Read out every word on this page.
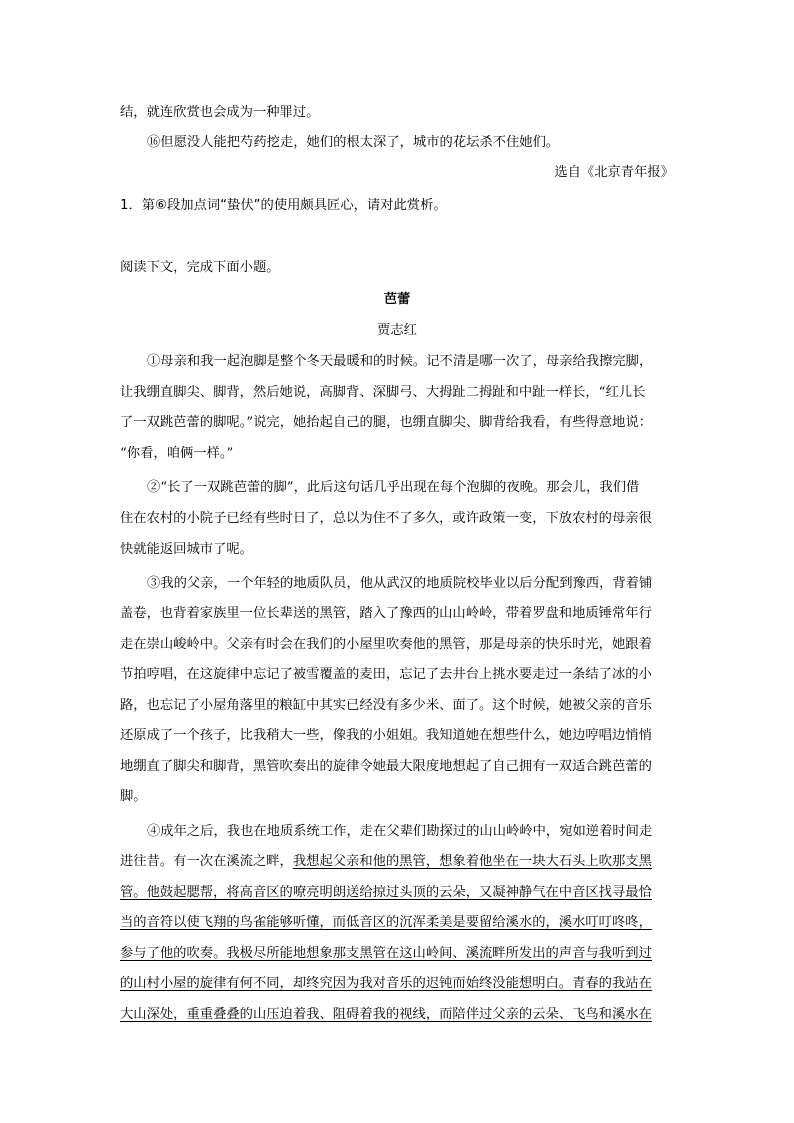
结，就连欣赏也会成为一种罪过。
⑯但愿没人能把芍药挖走，她们的根太深了，城市的花坛杀不住她们。
选自《北京青年报》
1．第⑥段加点词“蛰伏”的使用颇具匠心，请对此赏析。
阅读下文，完成下面小题。
芭蕾
贾志红
①母亲和我一起泡脚是整个冬天最暖和的时候。记不清是哪一次了，母亲给我擦完脚，
让我绷直脚尖、脚背，然后她说，高脚背、深脚弓、大拇趾二拇趾和中趾一样长，“红儿长
了一双跳芭蕾的脚呢。”说完，她抬起自己的腿，也绷直脚尖、脚背给我看，有些得意地说：
“你看，咱俩一样。”
②“长了一双跳芭蕾的脚”，此后这句话几乎出现在每个泡脚的夜晚。那会儿，我们借
住在农村的小院子已经有些时日了，总以为住不了多久，或许政策一变，下放农村的母亲很
快就能返回城市了呢。
③我的父亲，一个年轻的地质队员，他从武汉的地质院校毕业以后分配到豫西，背着铺
盖卷，也背着家族里一位长辈送的黑管，踏入了豫西的山山岭岭，带着罗盘和地质锤常年行
走在崇山峻岭中。父亲有时会在我们的小屋里吹奏他的黑管，那是母亲的快乐时光，她跟着
节拍哼唱，在这旋律中忘记了被雪覆盖的麦田，忘记了去井台上挑水要走过一条结了冰的小
路，也忘记了小屋角落里的粮缸中其实已经没有多少米、面了。这个时候，她被父亲的音乐
还原成了一个孩子，比我稍大一些，像我的小姐姐。我知道她在想些什么，她边哼唱边悄悄
地绷直了脚尖和脚背，黑管吹奏出的旋律令她最大限度地想起了自己拥有一双适合跳芭蕾的
脚。
④成年之后，我也在地质系统工作，走在父辈们勘探过的山山岭岭中，宛如逆着时间走
进往昔。有一次在溪流之畔，我想起父亲和他的黑管，想象着他坐在一块大石头上吹那支黑
管。他鼓起腮帮，将高音区的嘹亮明朗送给掠过头顶的云朵，又凝神静气在中音区找寻最恰
当的音符以使飞翔的鸟雀能够听懂，而低音区的沉浑柔美是要留给溪水的，溪水叮叮咚咚，
参与了他的吹奏。我极尽所能地想象那支黑管在这山岭间、溪流畔所发出的声音与我听到过
的山村小屋的旋律有何不同，却终究因为我对音乐的迟钝而始终没能想明白。青春的我站在
大山深处，重重叠叠的山压迫着我、阻碍着我的视线，而陪伴过父亲的云朵、飞鸟和溪水在
